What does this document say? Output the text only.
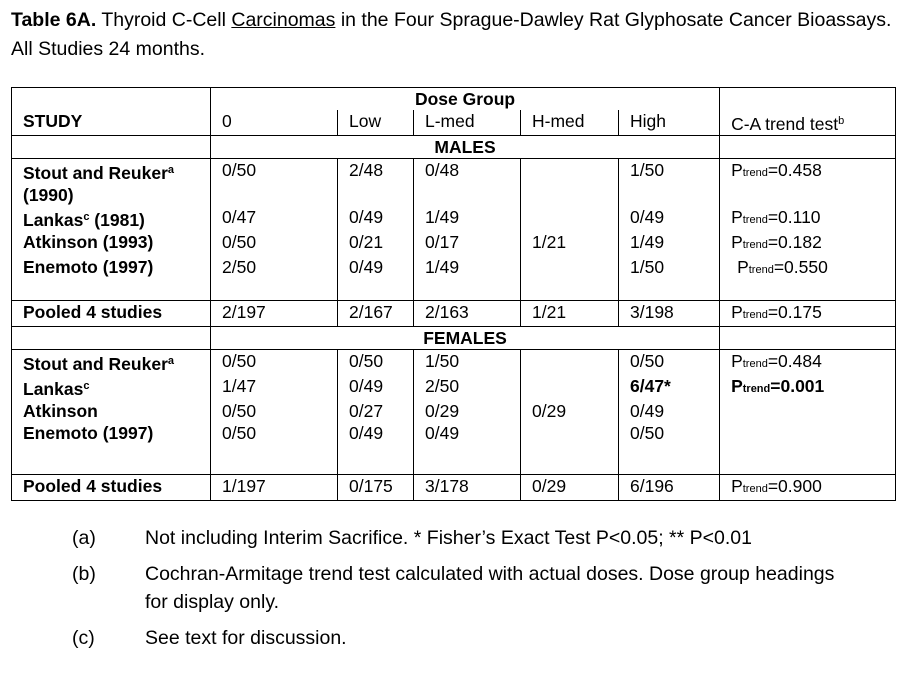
Table 6A. Thyroid C-Cell Carcinomas in the Four Sprague-Dawley Rat Glyphosate Cancer Bioassays. All Studies 24 months.
	Dose Group					
STUDY	0	Low	L-med	H-med	High	C-A trend test$^b$
	MALES					
Stout and Reuker$^a$
(1990)	0/50	2/48	0/48		1/50	Ptrend=0.458
Lankas$^c$ (1981)	0/47	0/49	1/49		0/49	Ptrend=0.110
Atkinson (1993)	0/50	0/21	0/17	1/21	1/49	Ptrend=0.182
Enemoto (1997)	2/50	0/49	1/49		1/50	Ptrend=0.550
Pooled 4 studies	2/197	2/167	2/163	1/21	3/198	Ptrend=0.175
	FEMALES					
Stout and Reuker$^a$	0/50	0/50	1/50		0/50	Ptrend=0.484
Lankas$^c$	1/47	0/49	2/50		6/47*	Ptrend=0.001
Atkinson	0/50	0/27	0/29	0/29	0/49	
Enemoto (1997)	0/50	0/49	0/49		0/50	
Pooled 4 studies	1/197	0/175	3/178	0/29	6/196	Ptrend=0.900
(a)	Not including Interim Sacrifice. * Fisher’s Exact Test P<0.05; ** P<0.01
(b)	Cochran-Armitage trend test calculated with actual doses. Dose group headings for display only.
(c)	See text for discussion.
